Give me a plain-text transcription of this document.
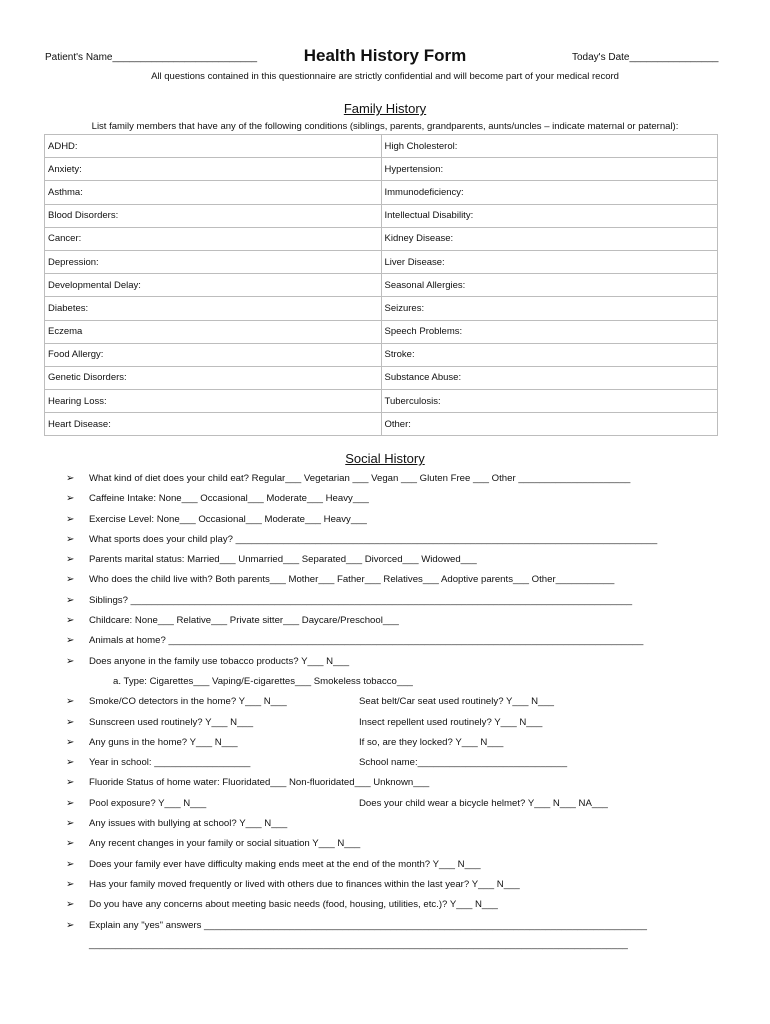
Patient's Name__________________________	Health History Form	Today's Date________________
All questions contained in this questionnaire are strictly confidential and will become part of your medical record
Family History
List family members that have any of the following conditions (siblings, parents, grandparents, aunts/uncles – indicate maternal or paternal):
ADHD:	High Cholesterol:
Anxiety:	Hypertension:
Asthma:	Immunodeficiency:
Blood Disorders:	Intellectual Disability:
Cancer:	Kidney Disease:
Depression:	Liver Disease:
Developmental Delay:	Seasonal Allergies:
Diabetes:	Seizures:
Eczema	Speech Problems:
Food Allergy:	Stroke:
Genetic Disorders:	Substance Abuse:
Hearing Loss:	Tuberculosis:
Heart Disease:	Other:
Social History
➢ What kind of diet does your child eat? Regular___ Vegetarian ___ Vegan ___ Gluten Free ___ Other _____________________
➢ Caffeine Intake: None___ Occasional___ Moderate___ Heavy___
➢ Exercise Level: None___ Occasional___ Moderate___ Heavy___
➢ What sports does your child play? _______________________________________________________________________________
➢ Parents marital status: Married___ Unmarried___ Separated___ Divorced___ Widowed___
➢ Who does the child live with? Both parents___ Mother___ Father___ Relatives___ Adoptive parents___ Other___________
➢ Siblings? ______________________________________________________________________________________________
➢ Childcare: None___ Relative___ Private sitter___ Daycare/Preschool___
➢ Animals at home? _________________________________________________________________________________________
➢ Does anyone in the family use tobacco products? Y___ N___
a. Type: Cigarettes___ Vaping/E-cigarettes___ Smokeless tobacco___
➢ Smoke/CO detectors in the home? Y___ N___	Seat belt/Car seat used routinely? Y___ N___
➢ Sunscreen used routinely? Y___ N___	Insect repellent used routinely? Y___ N___
➢ Any guns in the home? Y___ N___	If so, are they locked? Y___ N___
➢ Year in school: __________________	School name:____________________________
➢ Fluoride Status of home water: Fluoridated___ Non-fluoridated___ Unknown___
➢ Pool exposure? Y___ N___	Does your child wear a bicycle helmet? Y___ N___ NA___
➢ Any issues with bullying at school? Y___ N___
➢ Any recent changes in your family or social situation Y___ N___
➢ Does your family ever have difficulty making ends meet at the end of the month? Y___ N___
➢ Has your family moved frequently or lived with others due to finances within the last year? Y___ N___
➢ Do you have any concerns about meeting basic needs (food, housing, utilities, etc.)? Y___ N___
➢ Explain any "yes" answers ___________________________________________________________________________________
_____________________________________________________________________________________________________
